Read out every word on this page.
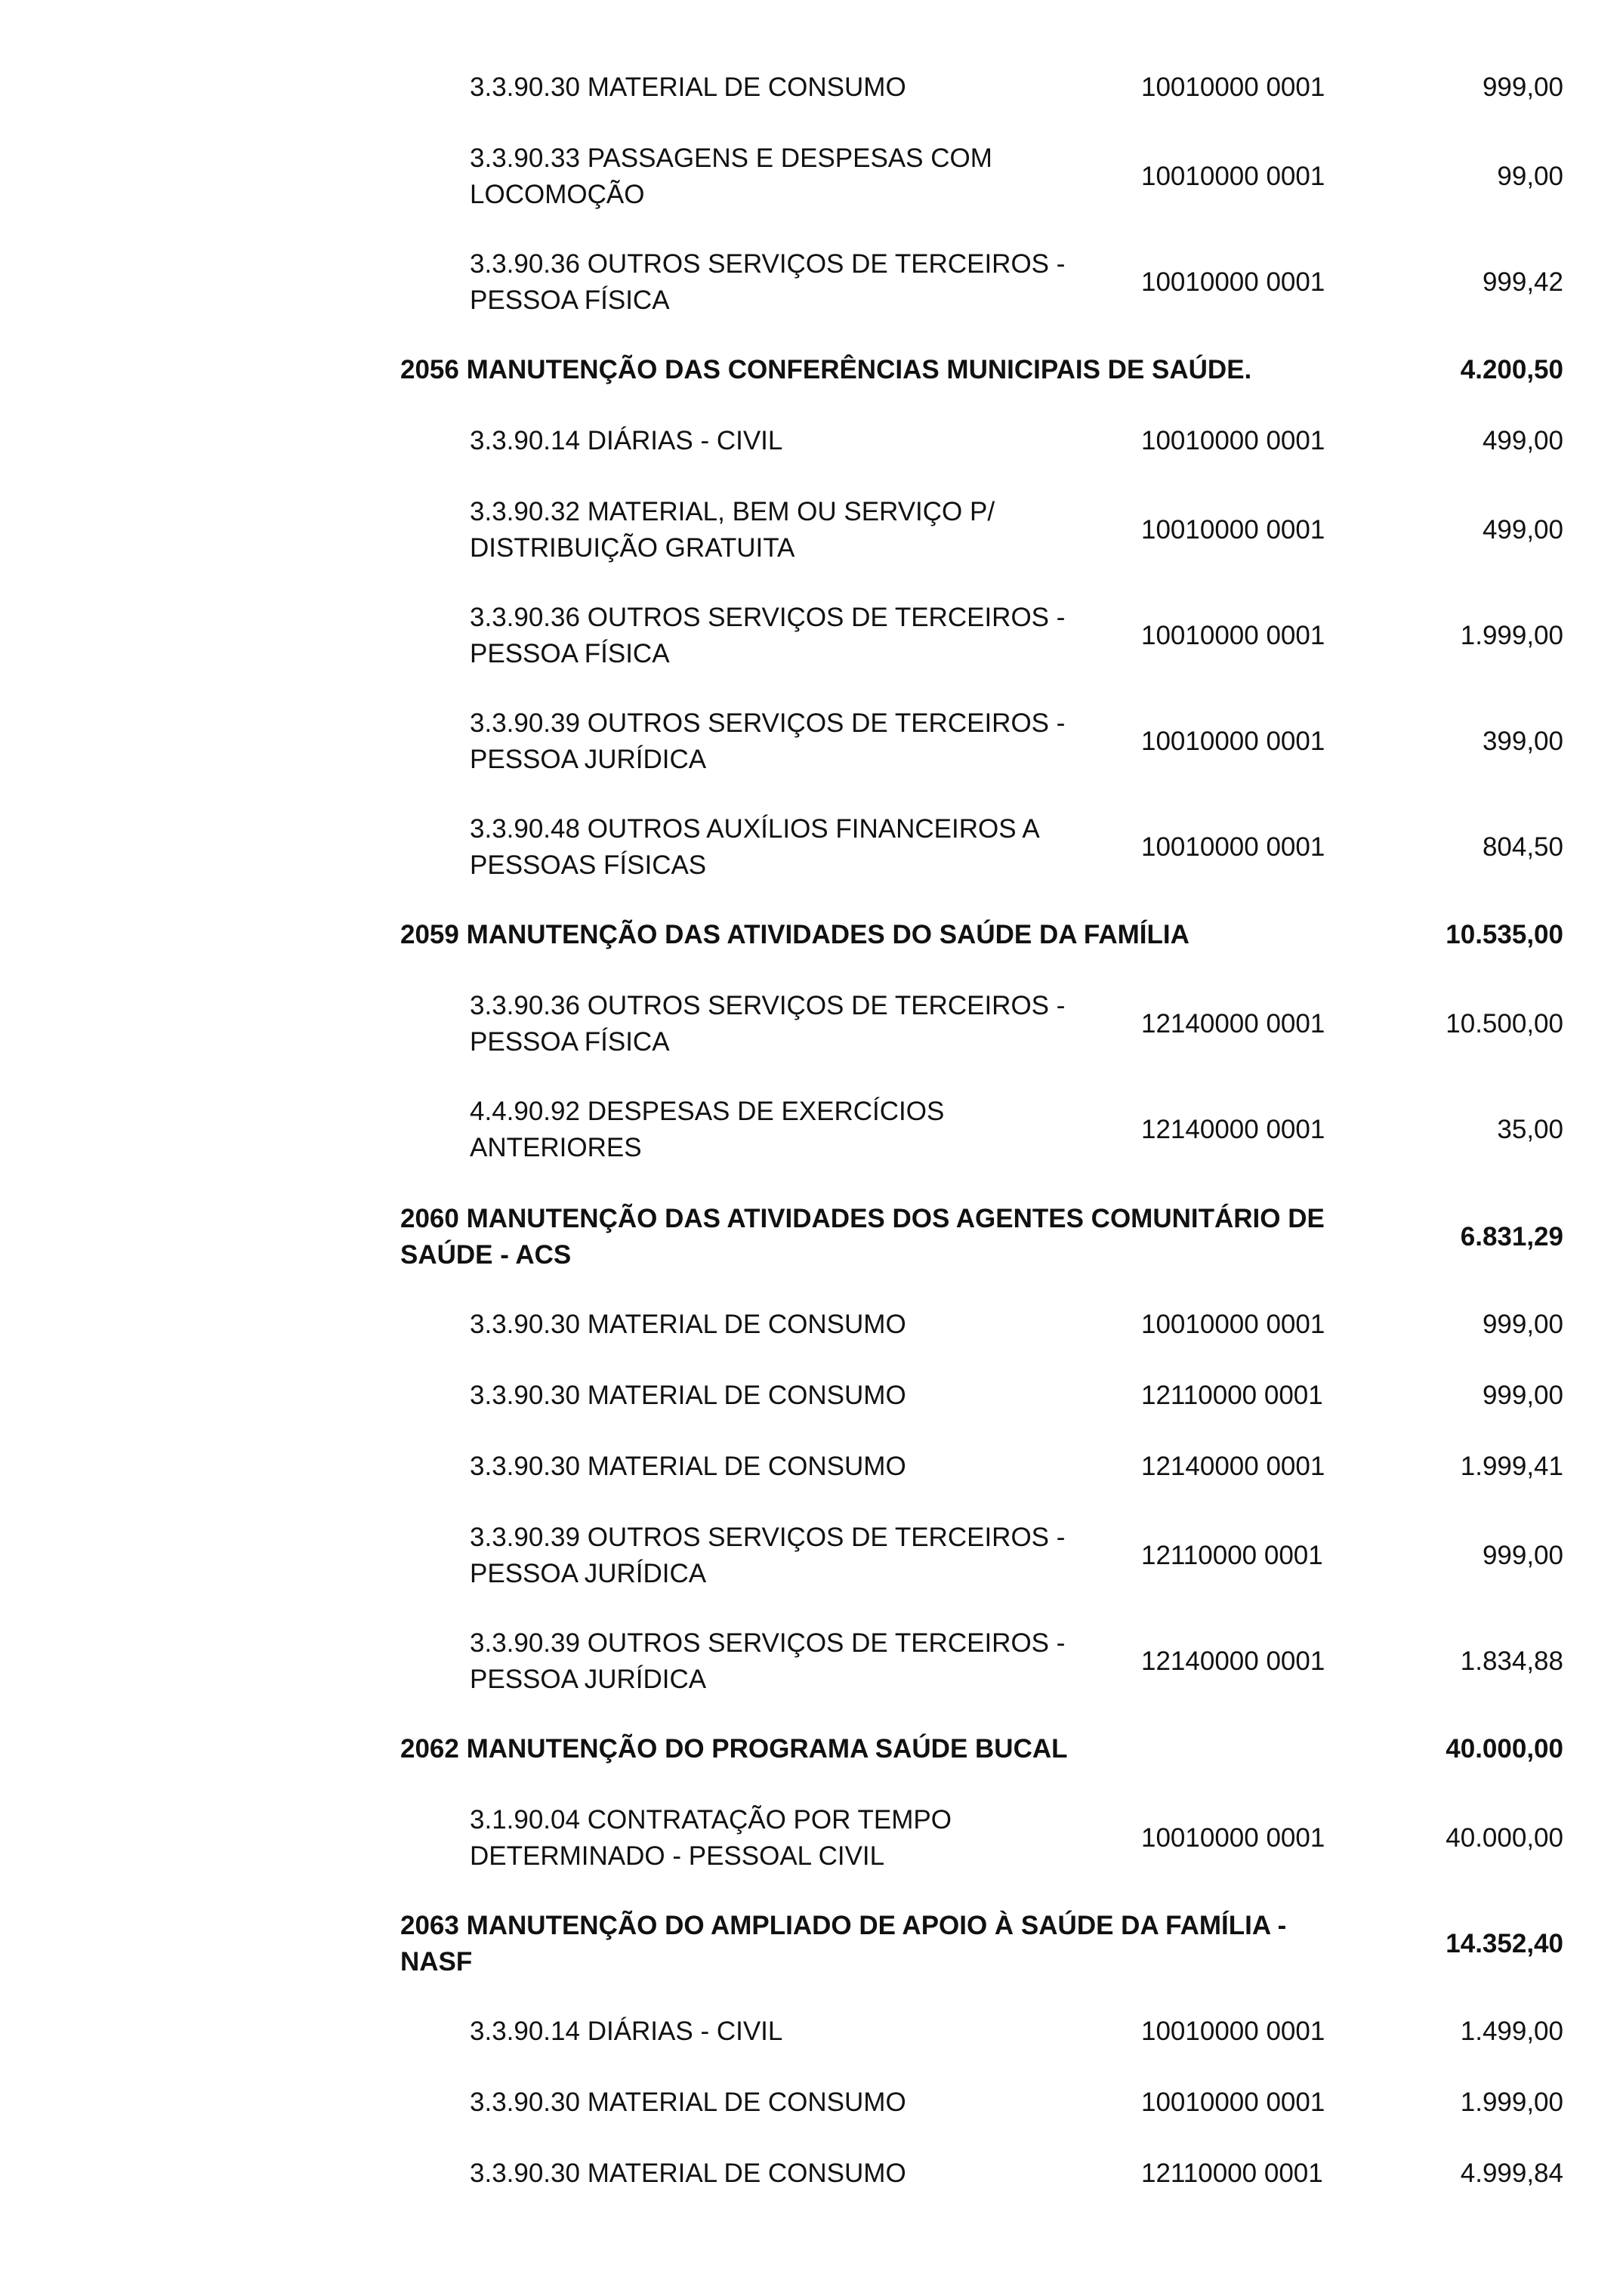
3.3.90.30 MATERIAL DE CONSUMO	10010000 0001	999,00
3.3.90.33 PASSAGENS E DESPESAS COM
LOCOMOÇÃO
10010000 0001	99,00
3.3.90.36 OUTROS SERVIÇOS DE TERCEIROS -
PESSOA FÍSICA
10010000 0001	999,42
2056 MANUTENÇÃO DAS CONFERÊNCIAS MUNICIPAIS DE SAÚDE.	4.200,50
3.3.90.14 DIÁRIAS - CIVIL	10010000 0001	499,00
3.3.90.32 MATERIAL, BEM OU SERVIÇO P/
DISTRIBUIÇÃO GRATUITA
10010000 0001	499,00
3.3.90.36 OUTROS SERVIÇOS DE TERCEIROS -
PESSOA FÍSICA
10010000 0001	1.999,00
3.3.90.39 OUTROS SERVIÇOS DE TERCEIROS -
PESSOA JURÍDICA
10010000 0001	399,00
3.3.90.48 OUTROS AUXÍLIOS FINANCEIROS A
PESSOAS FÍSICAS
10010000 0001	804,50
2059 MANUTENÇÃO DAS ATIVIDADES DO SAÚDE DA FAMÍLIA	10.535,00
3.3.90.36 OUTROS SERVIÇOS DE TERCEIROS -
PESSOA FÍSICA
12140000 0001	10.500,00
4.4.90.92 DESPESAS DE EXERCÍCIOS ANTERIORES
12140000 0001	35,00
2060 MANUTENÇÃO DAS ATIVIDADES DOS AGENTES COMUNITÁRIO DE
SAÚDE - ACS
6.831,29
3.3.90.30 MATERIAL DE CONSUMO	10010000 0001	999,00
3.3.90.30 MATERIAL DE CONSUMO	12110000 0001	999,00
3.3.90.30 MATERIAL DE CONSUMO	12140000 0001	1.999,41
3.3.90.39 OUTROS SERVIÇOS DE TERCEIROS -
PESSOA JURÍDICA
12110000 0001	999,00
3.3.90.39 OUTROS SERVIÇOS DE TERCEIROS -
PESSOA JURÍDICA
12140000 0001	1.834,88
2062 MANUTENÇÃO DO PROGRAMA SAÚDE BUCAL	40.000,00
3.1.90.04 CONTRATAÇÃO POR TEMPO
DETERMINADO - PESSOAL CIVIL
10010000 0001	40.000,00
2063 MANUTENÇÃO DO AMPLIADO DE APOIO À SAÚDE DA FAMÍLIA -
NASF
14.352,40
3.3.90.14 DIÁRIAS - CIVIL	10010000 0001	1.499,00
3.3.90.30 MATERIAL DE CONSUMO	10010000 0001	1.999,00
3.3.90.30 MATERIAL DE CONSUMO	12110000 0001	4.999,84
